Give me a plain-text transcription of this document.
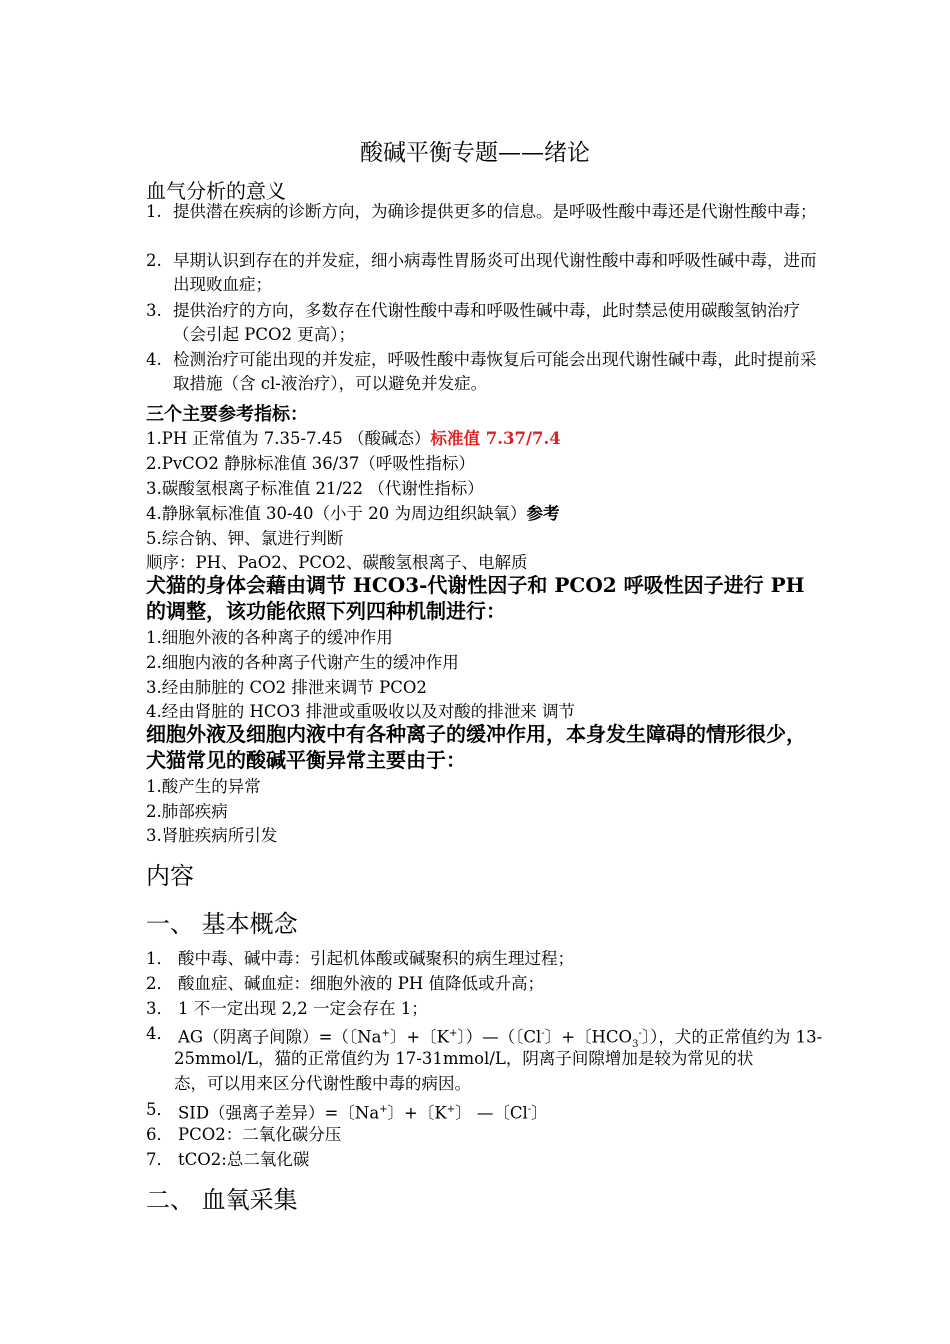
酸碱平衡专题——绪论
血气分析的意义
1. 提供潜在疾病的诊断方向，为确诊提供更多的信息。是呼吸性酸中毒还是代谢性酸中毒；
2. 早期认识到存在的并发症，细小病毒性胃肠炎可出现代谢性酸中毒和呼吸性碱中毒，进而出现败血症；
3. 提供治疗的方向，多数存在代谢性酸中毒和呼吸性碱中毒，此时禁忌使用碳酸氢钠治疗（会引起 PCO2 更高）；
4. 检测治疗可能出现的并发症，呼吸性酸中毒恢复后可能会出现代谢性碱中毒，此时提前采取措施（含 cl-液治疗），可以避免并发症。
三个主要参考指标：
1.PH 正常值为 7.35-7.45 （酸碱态）标准值 7.37/7.4
2.PvCO2 静脉标准值 36/37（呼吸性指标）
3.碳酸氢根离子标准值 21/22 （代谢性指标）
4.静脉氧标准值 30-40（小于 20 为周边组织缺氧）参考
5.综合钠、钾、氯进行判断
顺序：PH、PaO2、PCO2、碳酸氢根离子、电解质
犬猫的身体会藉由调节 HCO3-代谢性因子和 PCO2 呼吸性因子进行 PH 的调整，该功能依照下列四种机制进行：
1.细胞外液的各种离子的缓冲作用
2.细胞内液的各种离子代谢产生的缓冲作用
3.经由肺脏的 CO2 排泄来调节 PCO2
4.经由肾脏的 HCO3 排泄或重吸收以及对酸的排泄来 调节
细胞外液及细胞内液中有各种离子的缓冲作用，本身发生障碍的情形很少，犬猫常见的酸碱平衡异常主要由于：
1.酸产生的异常
2.肺部疾病
3.肾脏疾病所引发
内容
一、 基本概念
1． 酸中毒、碱中毒：引起机体酸或碱聚积的病生理过程；
2． 酸血症、碱血症：细胞外液的 PH 值降低或升高；
3． 1 不一定出现 2,2 一定会存在 1；
4． AG（阴离子间隙）=（〔Na+〕+〔K+〕）—（〔Cl-〕+〔$HCO_3^-$〕），犬的正常值约为 13-
25mmol/L，猫的正常值约为 17-31mmol/L，阴离子间隙增加是较为常见的状
态，可以用来区分代谢性酸中毒的病因。
5． SID（强离子差异）=〔Na+〕+〔K+〕 —〔Cl-〕
6． PCO2：二氧化碳分压
7． tCO2:总二氧化碳
二、 血氧采集
